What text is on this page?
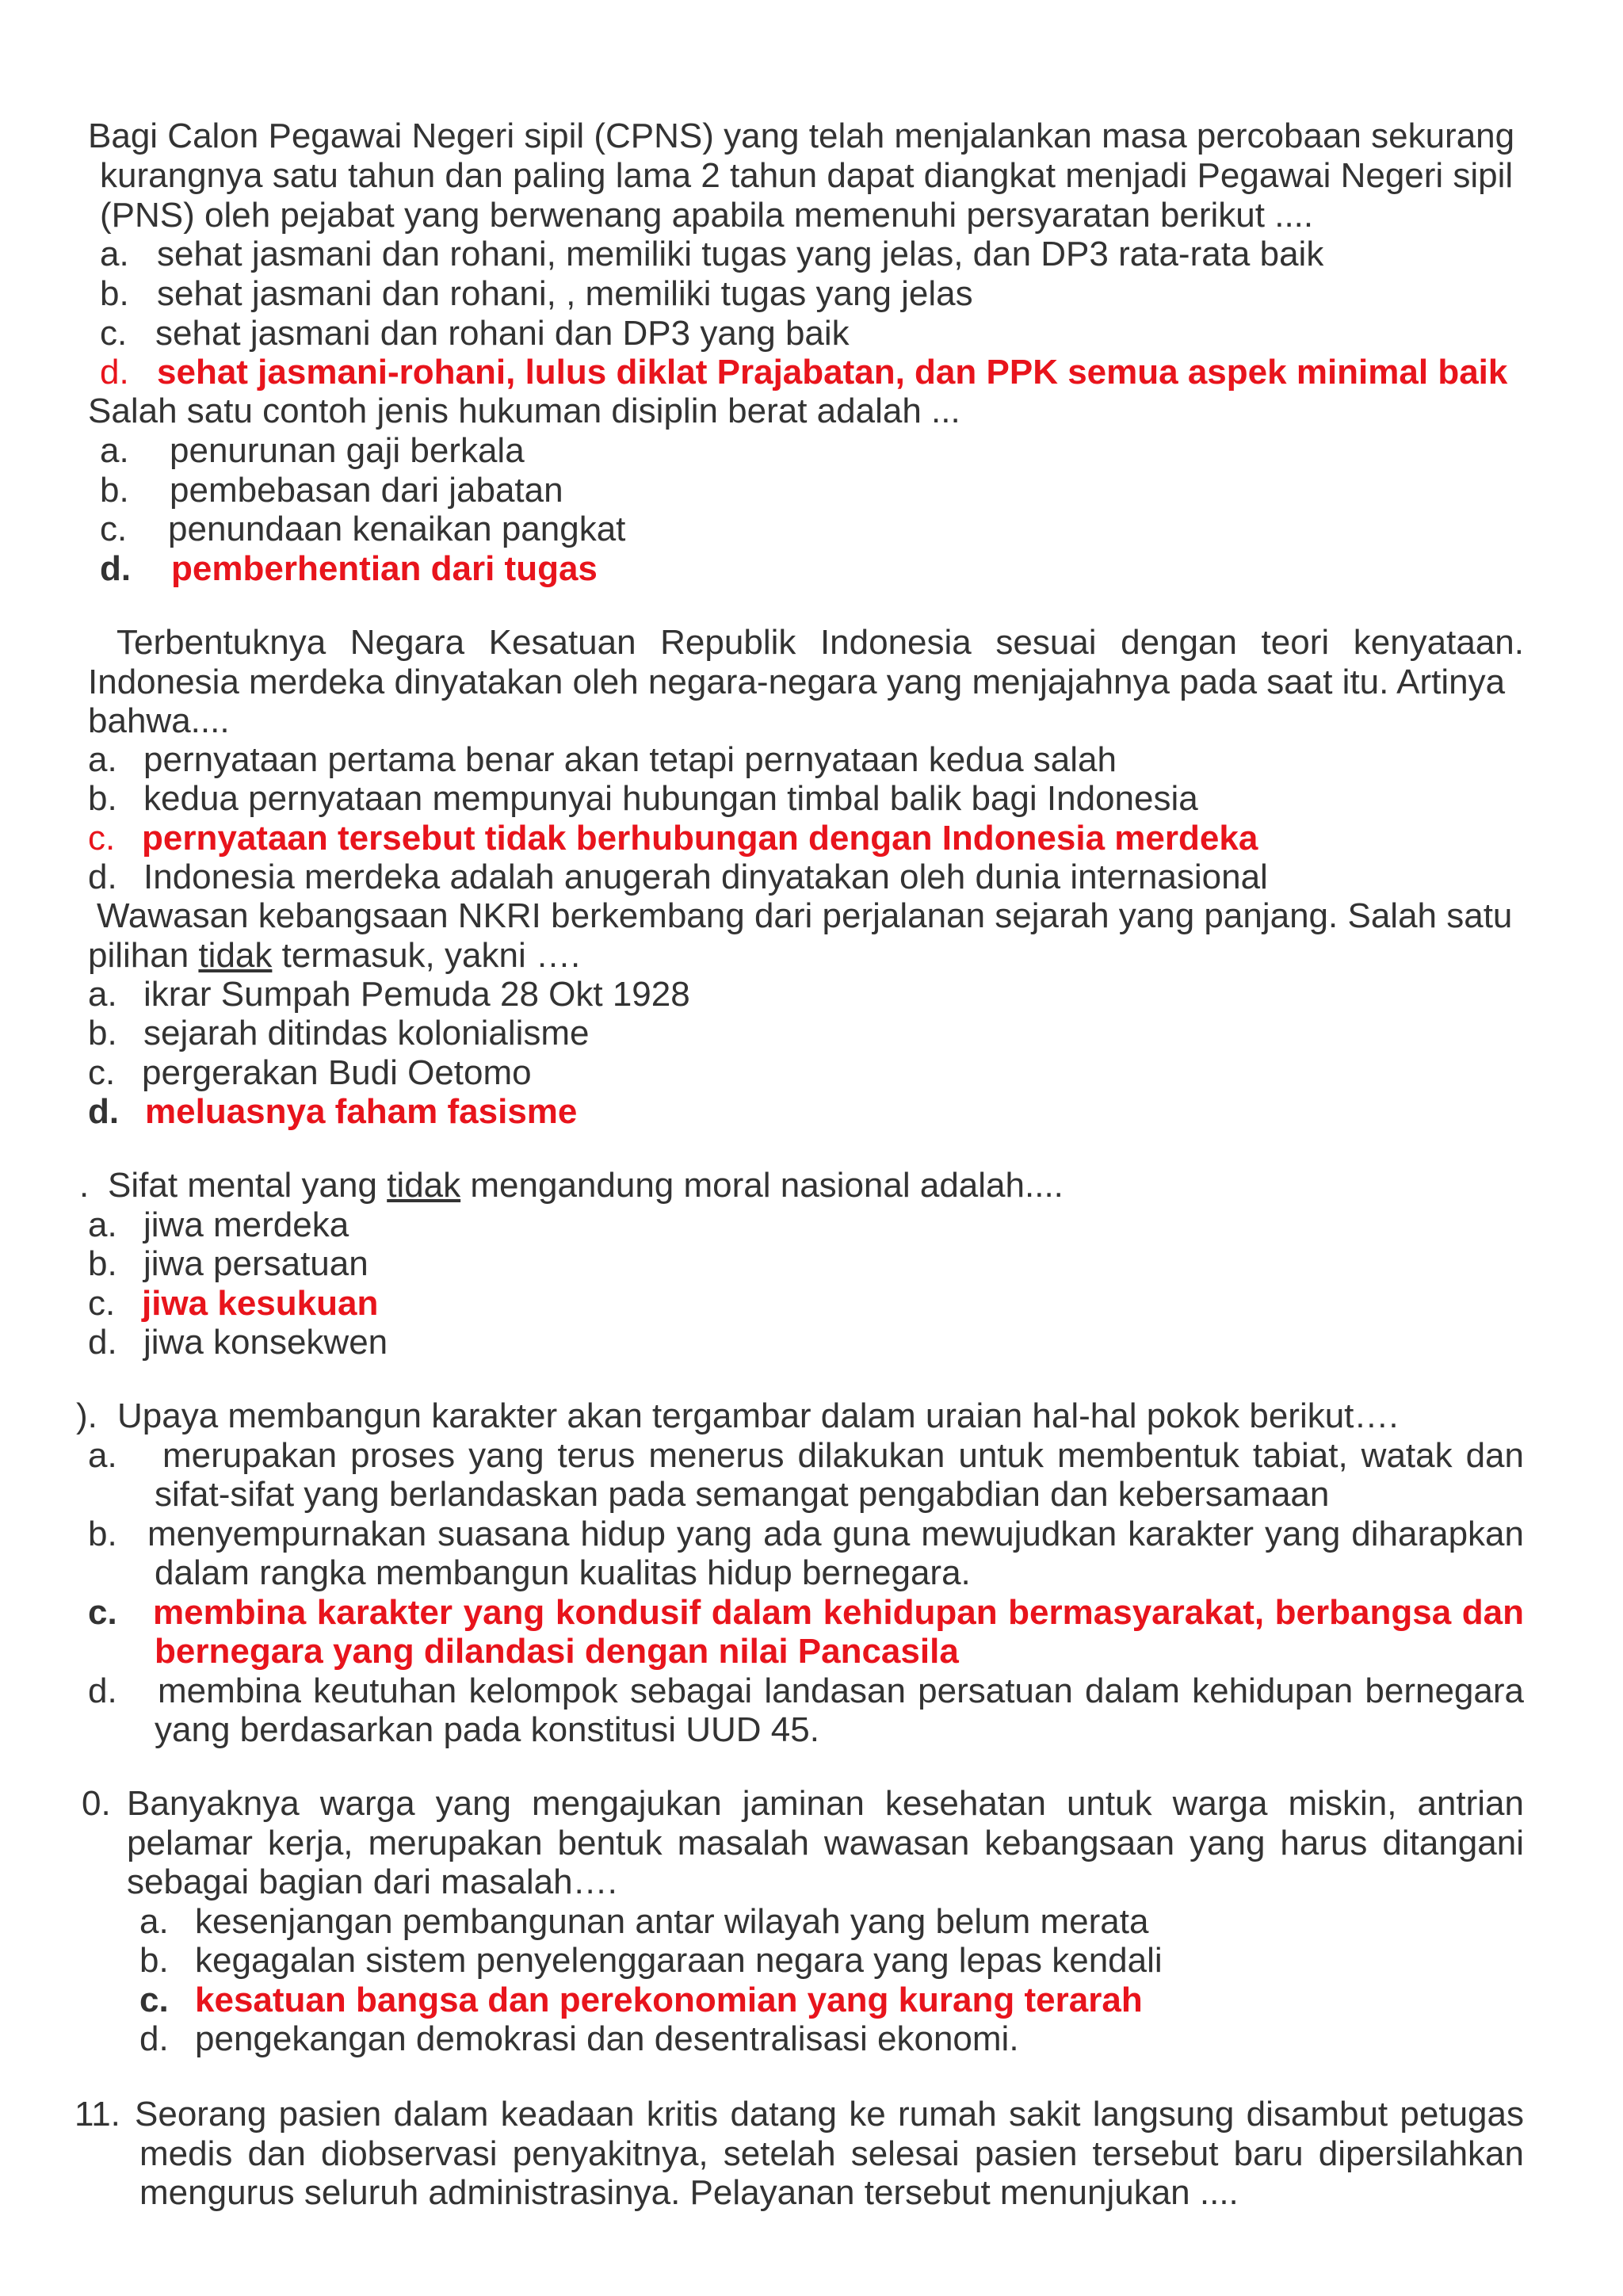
Bagi Calon Pegawai Negeri sipil (CPNS) yang telah menjalankan masa percobaan sekurang
kurangnya satu tahun dan paling lama 2 tahun dapat diangkat menjadi Pegawai Negeri sipil
(PNS) oleh pejabat yang berwenang apabila memenuhi persyaratan berikut ....
a. sehat jasmani dan rohani, memiliki tugas yang jelas, dan DP3 rata-rata baik
b. sehat jasmani dan rohani, , memiliki tugas yang jelas
c. sehat jasmani dan rohani dan DP3 yang baik
d. sehat jasmani-rohani, lulus diklat Prajabatan, dan PPK semua aspek minimal baik
Salah satu contoh jenis hukuman disiplin berat adalah ...
a. penurunan gaji berkala
b. pembebasan dari jabatan
c. penundaan kenaikan pangkat
d. pemberhentian dari tugas
Terbentuknya Negara Kesatuan Republik Indonesia sesuai dengan teori kenyataan.
Indonesia merdeka dinyatakan oleh negara-negara yang menjajahnya pada saat itu. Artinya
bahwa....
a. pernyataan pertama benar akan tetapi pernyataan kedua salah
b. kedua pernyataan mempunyai hubungan timbal balik bagi Indonesia
c. pernyataan tersebut tidak berhubungan dengan Indonesia merdeka
d. Indonesia merdeka adalah anugerah dinyatakan oleh dunia internasional
Wawasan kebangsaan NKRI berkembang dari perjalanan sejarah yang panjang. Salah satu
pilihan tidak termasuk, yakni ….
a. ikrar Sumpah Pemuda 28 Okt 1928
b. sejarah ditindas kolonialisme
c. pergerakan Budi Oetomo
d. meluasnya faham fasisme
. Sifat mental yang tidak mengandung moral nasional adalah....
a. jiwa merdeka
b. jiwa persatuan
c. jiwa kesukuan
d. jiwa konsekwen
). Upaya membangun karakter akan tergambar dalam uraian hal-hal pokok berikut….
a. merupakan proses yang terus menerus dilakukan untuk membentuk tabiat, watak dan
sifat-sifat yang berlandaskan pada semangat pengabdian dan kebersamaan
b. menyempurnakan suasana hidup yang ada guna mewujudkan karakter yang diharapkan
dalam rangka membangun kualitas hidup bernegara.
c. membina karakter yang kondusif dalam kehidupan bermasyarakat, berbangsa dan
bernegara yang dilandasi dengan nilai Pancasila
d. membina keutuhan kelompok sebagai landasan persatuan dalam kehidupan bernegara
yang berdasarkan pada konstitusi UUD 45.
0. Banyaknya warga yang mengajukan jaminan kesehatan untuk warga miskin, antrian
pelamar kerja, merupakan bentuk masalah wawasan kebangsaan yang harus ditangani
sebagai bagian dari masalah….
a. kesenjangan pembangunan antar wilayah yang belum merata
b. kegagalan sistem penyelenggaraan negara yang lepas kendali
c. kesatuan bangsa dan perekonomian yang kurang terarah
d. pengekangan demokrasi dan desentralisasi ekonomi.
11. Seorang pasien dalam keadaan kritis datang ke rumah sakit langsung disambut petugas
medis dan diobservasi penyakitnya, setelah selesai pasien tersebut baru dipersilahkan
mengurus seluruh administrasinya. Pelayanan tersebut menunjukan ....
